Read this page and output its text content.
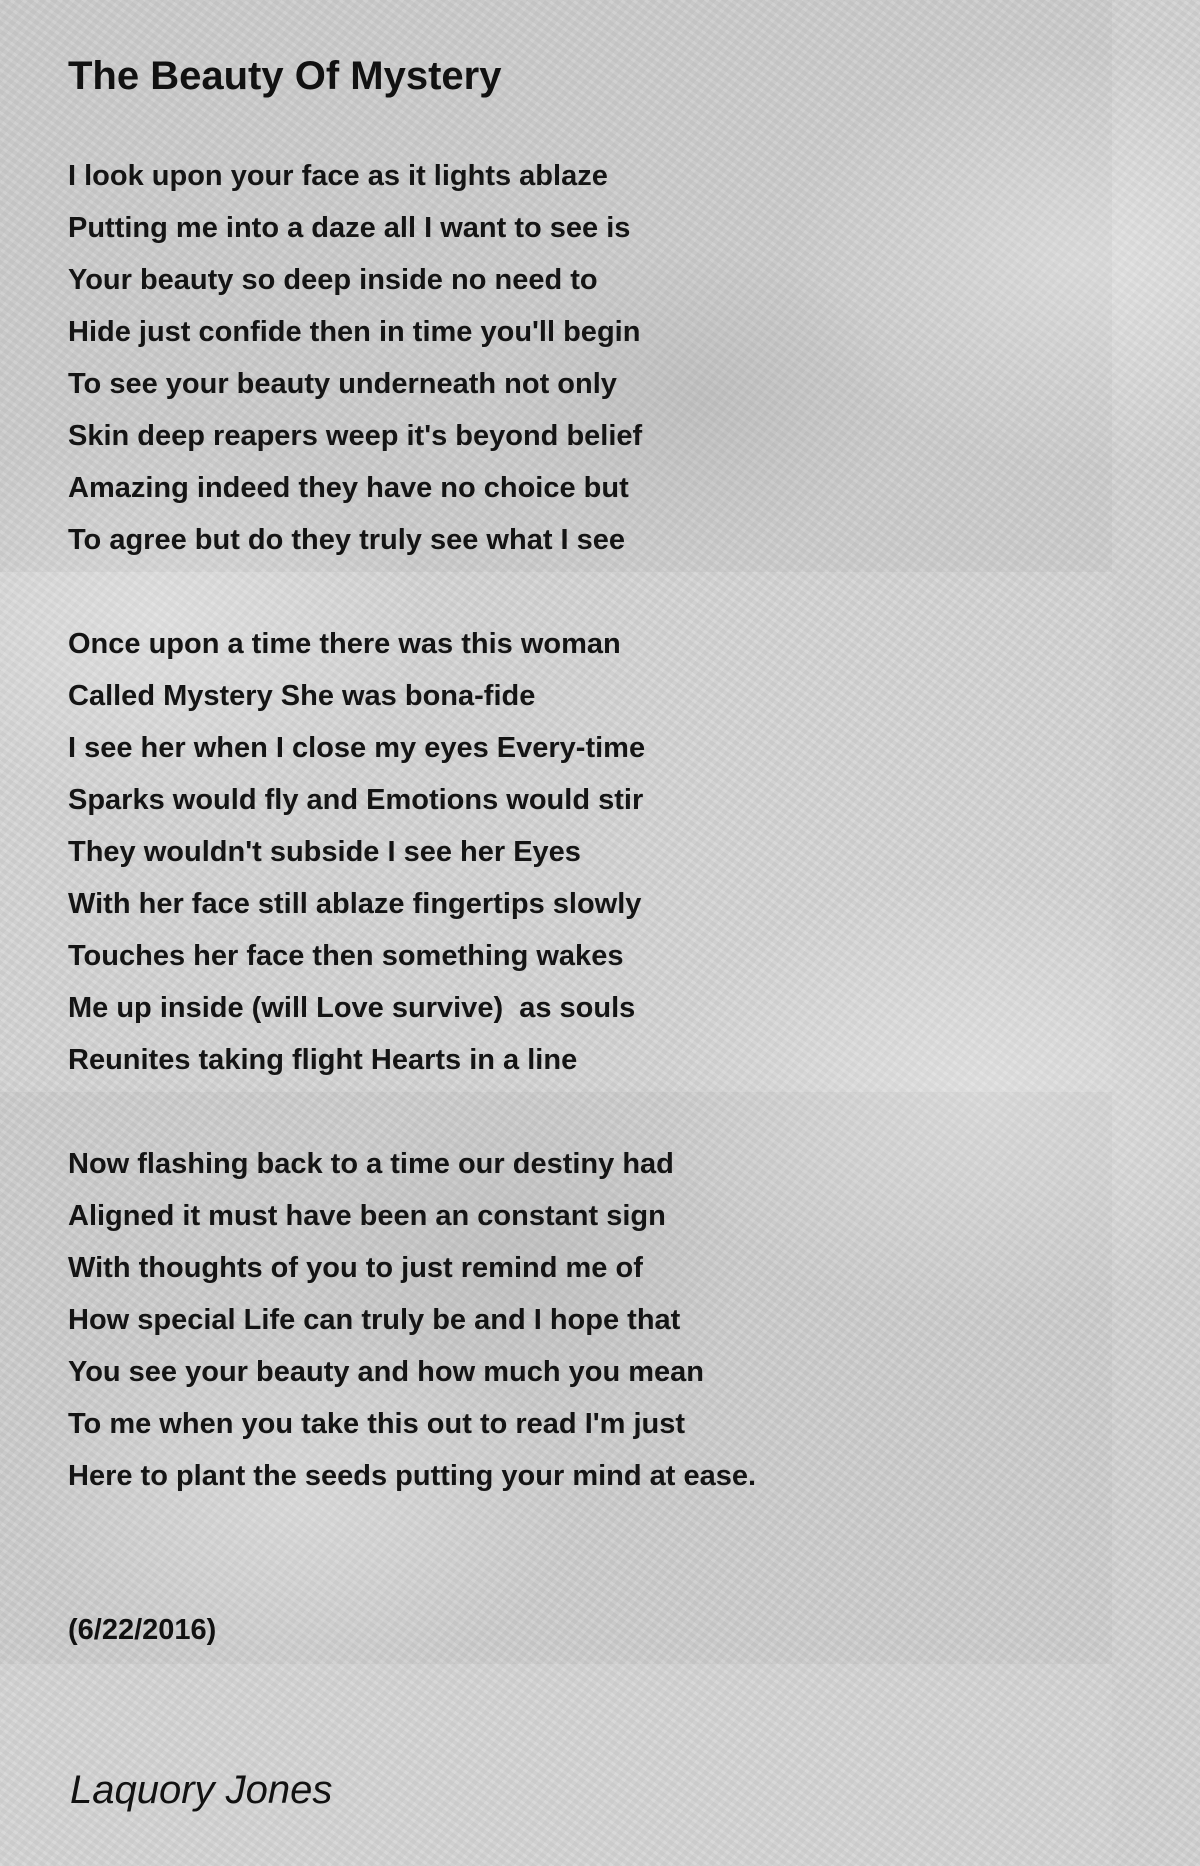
The Beauty Of Mystery
I look upon your face as it lights ablaze
Putting me into a daze all I want to see is
Your beauty so deep inside no need to
Hide just confide then in time you'll begin
To see your beauty underneath not only
Skin deep reapers weep it's beyond belief
Amazing indeed they have no choice but
To agree but do they truly see what I see
Once upon a time there was this woman
Called Mystery She was bona-fide
I see her when I close my eyes Every-time
Sparks would fly and Emotions would stir
They wouldn't subside I see her Eyes
With her face still ablaze fingertips slowly
Touches her face then something wakes
Me up inside (will Love survive)  as souls
Reunites taking flight Hearts in a line
Now flashing back to a time our destiny had
Aligned it must have been an constant sign
With thoughts of you to just remind me of
How special Life can truly be and I hope that
You see your beauty and how much you mean
To me when you take this out to read I'm just
Here to plant the seeds putting your mind at ease.
(6/22/2016)
Laquory Jones
